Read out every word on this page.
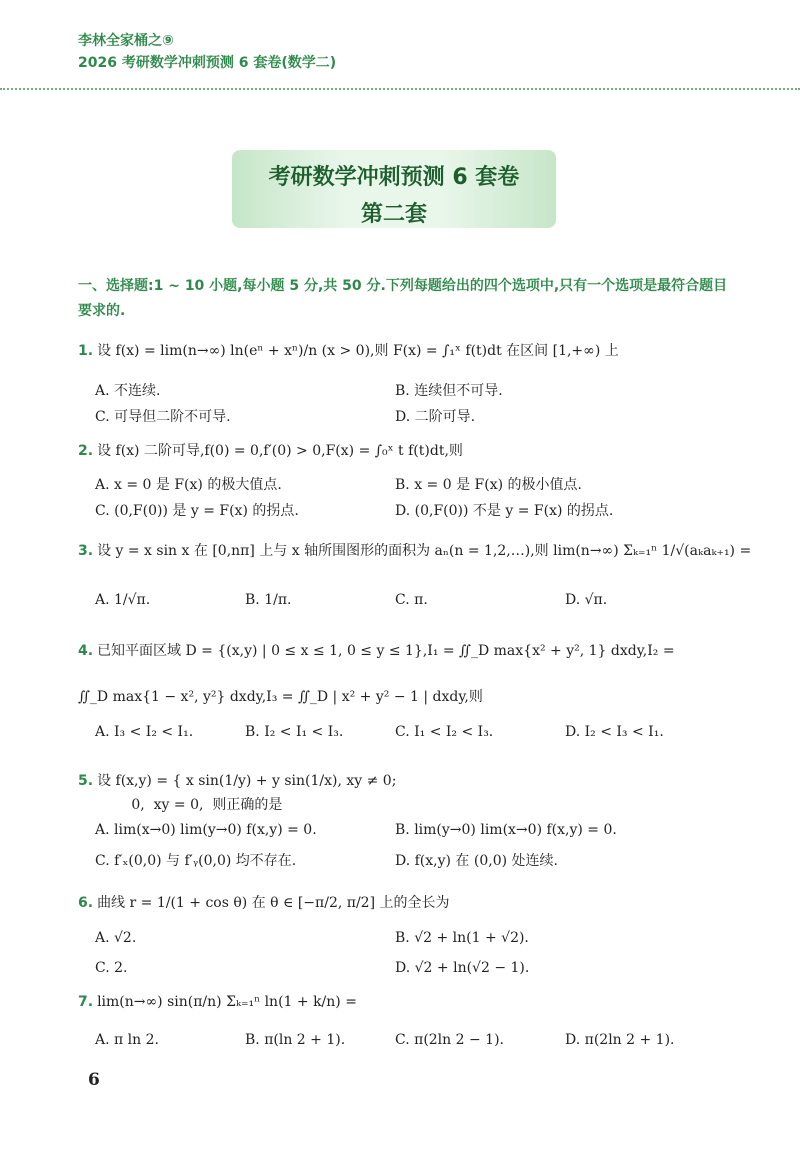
李林全家桶之⑨
2026 考研数学冲刺预测 6 套卷(数学二)
考研数学冲刺预测 6 套卷
第二套
一、选择题:1 ~ 10 小题,每小题 5 分,共 50 分.下列每题给出的四个选项中,只有一个选项是最符合题目要求的.
1. 设 f(x) = lim(n→∞) ln(eⁿ + xⁿ)/n (x > 0),则 F(x) = ∫₁ˣ f(t)dt 在区间 [1,+∞) 上
A. 不连续.	B. 连续但不可导.
C. 可导但二阶不可导.	D. 二阶可导.
2. 设 f(x) 二阶可导,f(0) = 0,f′(0) > 0,F(x) = ∫₀ˣ t f(t)dt,则
A. x = 0 是 F(x) 的极大值点.	B. x = 0 是 F(x) 的极小值点.
C. (0,F(0)) 是 y = F(x) 的拐点.	D. (0,F(0)) 不是 y = F(x) 的拐点.
3. 设 y = x sin x 在 [0,nπ] 上与 x 轴所围图形的面积为 aₙ(n = 1,2,…),则 lim(n→∞) Σₖ₌₁ⁿ 1/√(aₖaₖ₊₁) =
A. 1/√π.	B. 1/π.	C. π.	D. √π.
4. 已知平面区域 D = {(x,y) | 0 ≤ x ≤ 1, 0 ≤ y ≤ 1},I₁ = ∬_D max{x² + y², 1} dxdy,I₂ =
∬_D max{1 − x², y²} dxdy,I₃ = ∬_D | x² + y² − 1 | dxdy,则
A. I₃ < I₂ < I₁.	B. I₂ < I₁ < I₃.	C. I₁ < I₂ < I₃.	D. I₂ < I₃ < I₁.
5. 设 f(x,y) = { x sin(1/y) + y sin(1/x), xy ≠ 0;
0,  xy = 0,  则正确的是
A. lim(x→0) lim(y→0) f(x,y) = 0.	B. lim(y→0) lim(x→0) f(x,y) = 0.
C. f′ₓ(0,0) 与 f′ᵧ(0,0) 均不存在.	D. f(x,y) 在 (0,0) 处连续.
6. 曲线 r = 1/(1 + cos θ) 在 θ ∈ [−π/2, π/2] 上的全长为
A. √2.	B. √2 + ln(1 + √2).
C. 2.	D. √2 + ln(√2 − 1).
7. lim(n→∞) sin(π/n) Σₖ₌₁ⁿ ln(1 + k/n) =
A. π ln 2.	B. π(ln 2 + 1).	C. π(2ln 2 − 1).	D. π(2ln 2 + 1).
6
